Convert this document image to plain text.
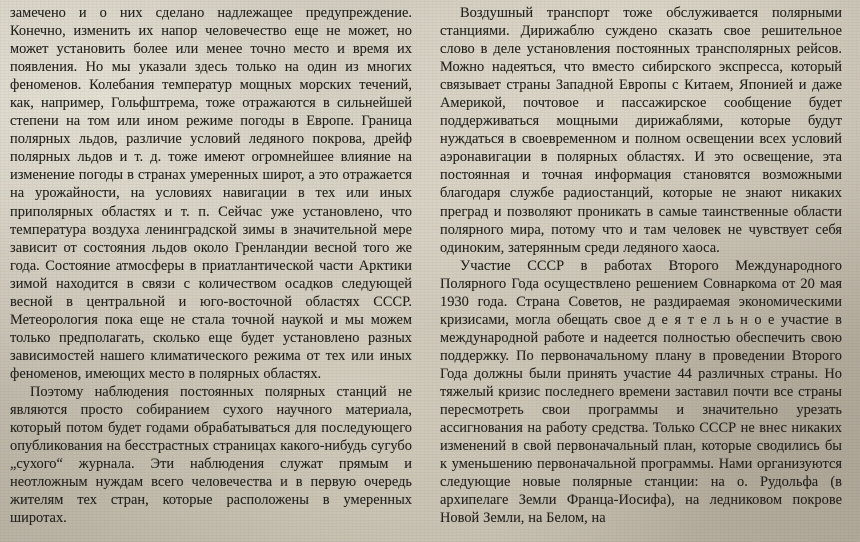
замечено и о них сделано надлежащее предупреждение. Конечно, изменить их напор человечество еще не может, но может установить более или менее точно место и время их появления. Но мы указали здесь только на один из многих феноменов. Колебания температур мощных морских течений, как, например, Гольфштрема, тоже отражаются в сильнейшей степени на том или ином режиме погоды в Европе. Граница полярных льдов, различие условий ледяного покрова, дрейф полярных льдов и т. д. тоже имеют огромнейшее влияние на изменение погоды в странах умеренных широт, а это отражается на урожайности, на условиях навигации в тех или иных приполярных областях и т. п. Сейчас уже установлено, что температура воздуха ленинградской зимы в значительной мере зависит от состояния льдов около Гренландии весной того же года. Состояние атмосферы в приатлантической части Арктики зимой находится в связи с количеством осадков следующей весной в центральной и юго-восточной областях СССР. Метеорология пока еще не стала точной наукой и мы можем только предполагать, сколько еще будет установлено разных зависимостей нашего климатического режима от тех или иных феноменов, имеющих место в полярных областях.

Поэтому наблюдения постоянных полярных станций не являются просто собиранием сухого научного материала, который потом будет годами обрабатываться для последующего опубликования на бесстрастных страницах какого-нибудь сугубо „сухого“ журнала. Эти наблюдения служат прямым и неотложным нуждам всего человечества и в первую очередь жителям тех стран, которые расположены в умеренных широтах.

Воздушный транспорт тоже обслуживается полярными станциями. Дирижаблю суждено сказать свое решительное слово в деле установления постоянных трансполярных рейсов. Можно надеяться, что вместо сибирского экспресса, который связывает страны Западной Европы с Китаем, Японией и даже Америкой, почтовое и пассажирское сообщение будет поддерживаться мощными дирижаблями, которые будут нуждаться в своевременном и полном освещении всех условий аэронавигации в полярных областях. И это освещение, эта постоянная и точная информация становятся возможными благодаря службе радиостанций, которые не знают никаких преград и позволяют проникать в самые таинственные области полярного мира, потому что и там человек не чувствует себя одиноким, затерянным среди ледяного хаоса.

Участие СССР в работах Второго Международного Полярного Года осуществлено решением Совнаркома от 20 мая 1930 года. Страна Советов, не раздираемая экономическими кризисами, могла обещать свое д е я т е л ь н о е участие в международной работе и надеется полностью обеспечить свою поддержку. По первоначальному плану в проведении Второго Года должны были принять участие 44 различных страны. Но тяжелый кризис последнего времени заставил почти все страны пересмотреть свои программы и значительно урезать ассигнования на работу средства. Только СССР не внес никаких изменений в свой первоначальный план, которые сводились бы к уменьшению первоначальной программы. Нами организуются следующие новые полярные станции: на о. Рудольфа (в архипелаге Земли Франца-Иосифа), на ледниковом покрове Новой Земли, на Белом, на
